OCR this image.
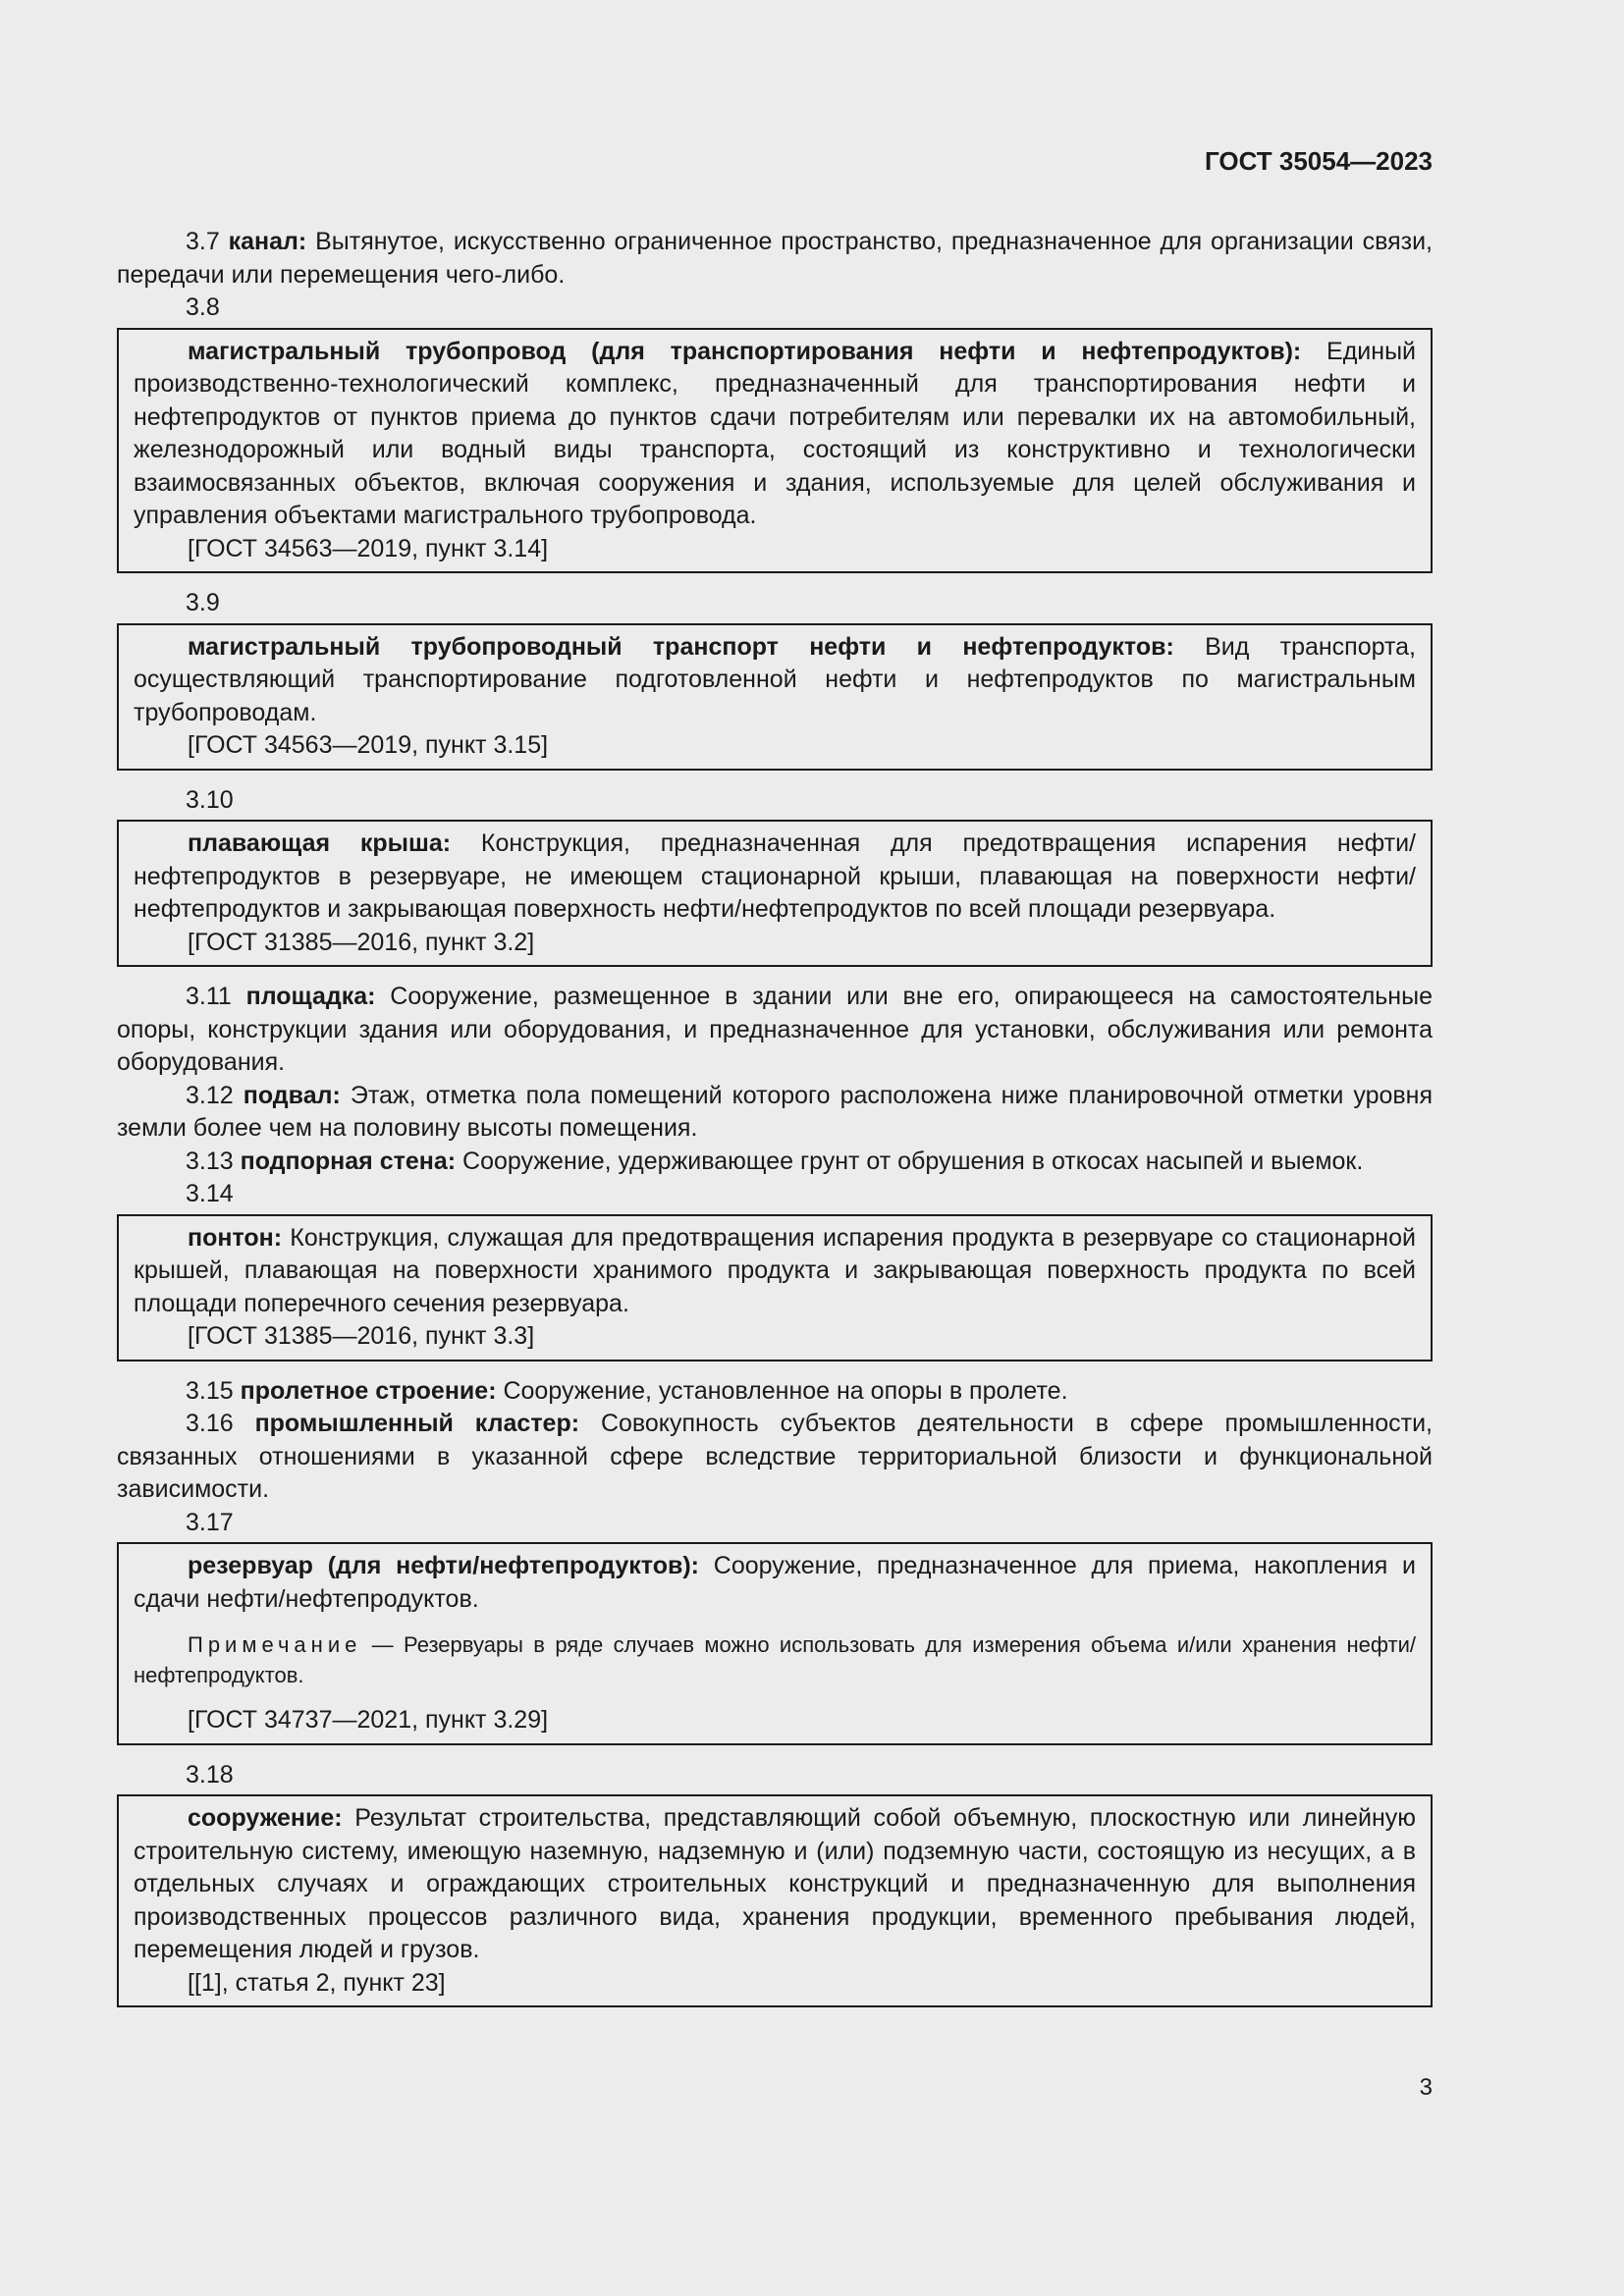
ГОСТ 35054—2023

3.7 канал: Вытянутое, искусственно ограниченное пространство, предназначенное для организации связи, передачи или перемещения чего-либо.

3.8

магистральный трубопровод (для транспортирования нефти и нефтепродуктов): Единый производственно-технологический комплекс, предназначенный для транспортирования нефти и нефтепродуктов от пунктов приема до пунктов сдачи потребителям или перевалки их на автомобильный, железнодорожный или водный виды транспорта, состоящий из конструктивно и технологически взаимосвязанных объектов, включая сооружения и здания, используемые для целей обслуживания и управления объектами магистрального трубопровода.

[ГОСТ 34563—2019, пункт 3.14]
3.9

магистральный трубопроводный транспорт нефти и нефтепродуктов: Вид транспорта, осуществляющий транспортирование подготовленной нефти и нефтепродуктов по магистральным трубопроводам.

[ГОСТ 34563—2019, пункт 3.15]
3.10

плавающая крыша: Конструкция, предназначенная для предотвращения испарения нефти/нефтепродуктов в резервуаре, не имеющем стационарной крыши, плавающая на поверхности нефти/ нефтепродуктов и закрывающая поверхность нефти/нефтепродуктов по всей площади резервуара.

[ГОСТ 31385—2016, пункт 3.2]

3.11 площадка: Сооружение, размещенное в здании или вне его, опирающееся на самостоятельные опоры, конструкции здания или оборудования, и предназначенное для установки, обслуживания или ремонта оборудования.

3.12 подвал: Этаж, отметка пола помещений которого расположена ниже планировочной отметки уровня земли более чем на половину высоты помещения.

3.13 подпорная стена: Сооружение, удерживающее грунт от обрушения в откосах насыпей и выемок.

3.14

понтон: Конструкция, служащая для предотвращения испарения продукта в резервуаре со стационарной крышей, плавающая на поверхности хранимого продукта и закрывающая поверхность продукта по всей площади поперечного сечения резервуара.

[ГОСТ 31385—2016, пункт 3.3]

3.15 пролетное строение: Сооружение, установленное на опоры в пролете.

3.16 промышленный кластер: Совокупность субъектов деятельности в сфере промышленности, связанных отношениями в указанной сфере вследствие территориальной близости и функциональной зависимости.

3.17

резервуар (для нефти/нефтепродуктов): Сооружение, предназначенное для приема, накопления и сдачи нефти/нефтепродуктов.

Примечание — Резервуары в ряде случаев можно использовать для измерения объема и/или хранения нефти/нефтепродуктов.

[ГОСТ 34737—2021, пункт 3.29]
3.18

сооружение: Результат строительства, представляющий собой объемную, плоскостную или линейную строительную систему, имеющую наземную, надземную и (или) подземную части, состоящую из несущих, а в отдельных случаях и ограждающих строительных конструкций и предназначенную для выполнения производственных процессов различного вида, хранения продукции, временного пребывания людей, перемещения людей и грузов.

[[1], статья 2, пункт 23]
3
